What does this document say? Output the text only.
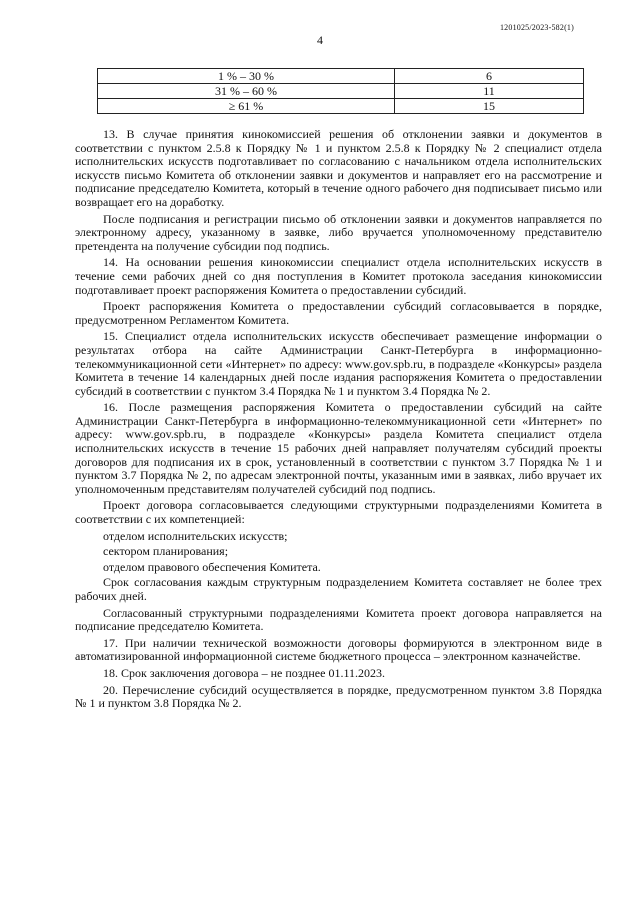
1201025/2023-582(1)
4
1 % – 30 %	6
31 % – 60 %	11
≥ 61 %	15

13. В случае принятия кинокомиссией решения об отклонении заявки и документов в соответствии с пунктом 2.5.8 к Порядку № 1 и пунктом 2.5.8 к Порядку № 2 специалист отдела исполнительских искусств подготавливает по согласованию с начальником отдела исполнительских искусств письмо Комитета об отклонении заявки и документов и направляет его на рассмотрение и подписание председателю Комитета, который в течение одного рабочего дня подписывает письмо или возвращает его на доработку.

После подписания и регистрации письмо об отклонении заявки и документов направляется по электронному адресу, указанному в заявке, либо вручается уполномоченному представителю претендента на получение субсидии под подпись.

14. На основании решения кинокомиссии специалист отдела исполнительских искусств в течение семи рабочих дней со дня поступления в Комитет протокола заседания кинокомиссии подготавливает проект распоряжения Комитета о предоставлении субсидий.

Проект распоряжения Комитета о предоставлении субсидий согласовывается в порядке, предусмотренном Регламентом Комитета.

15. Специалист отдела исполнительских искусств обеспечивает размещение информации о результатах отбора на сайте Администрации Санкт-Петербурга в информационно-телекоммуникационной сети «Интернет» по адресу: www.gov.spb.ru, в подразделе «Конкурсы» раздела Комитета в течение 14 календарных дней после издания распоряжения Комитета о предоставлении субсидий в соответствии с пунктом 3.4 Порядка № 1 и пунктом 3.4 Порядка № 2.

16. После размещения распоряжения Комитета о предоставлении субсидий на сайте Администрации Санкт-Петербурга в информационно-телекоммуникационной сети «Интернет» по адресу: www.gov.spb.ru, в подразделе «Конкурсы» раздела Комитета специалист отдела исполнительских искусств в течение 15 рабочих дней направляет получателям субсидий проекты договоров для подписания их в срок, установленный в соответствии с пунктом 3.7 Порядка № 1 и пунктом 3.7 Порядка № 2, по адресам электронной почты, указанным ими в заявках, либо вручает их уполномоченным представителям получателей субсидий под подпись.

Проект договора согласовывается следующими структурными подразделениями Комитета в соответствии с их компетенцией:

отделом исполнительских искусств;

сектором планирования;

отделом правового обеспечения Комитета.

Срок согласования каждым структурным подразделением Комитета составляет не более трех рабочих дней.

Согласованный структурными подразделениями Комитета проект договора направляется на подписание председателю Комитета.

17. При наличии технической возможности договоры формируются в электронном виде в автоматизированной информационной системе бюджетного процесса – электронном казначействе.

18. Срок заключения договора – не позднее 01.11.2023.

20. Перечисление субсидий осуществляется в порядке, предусмотренном пунктом 3.8 Порядка № 1 и пунктом 3.8 Порядка № 2.
